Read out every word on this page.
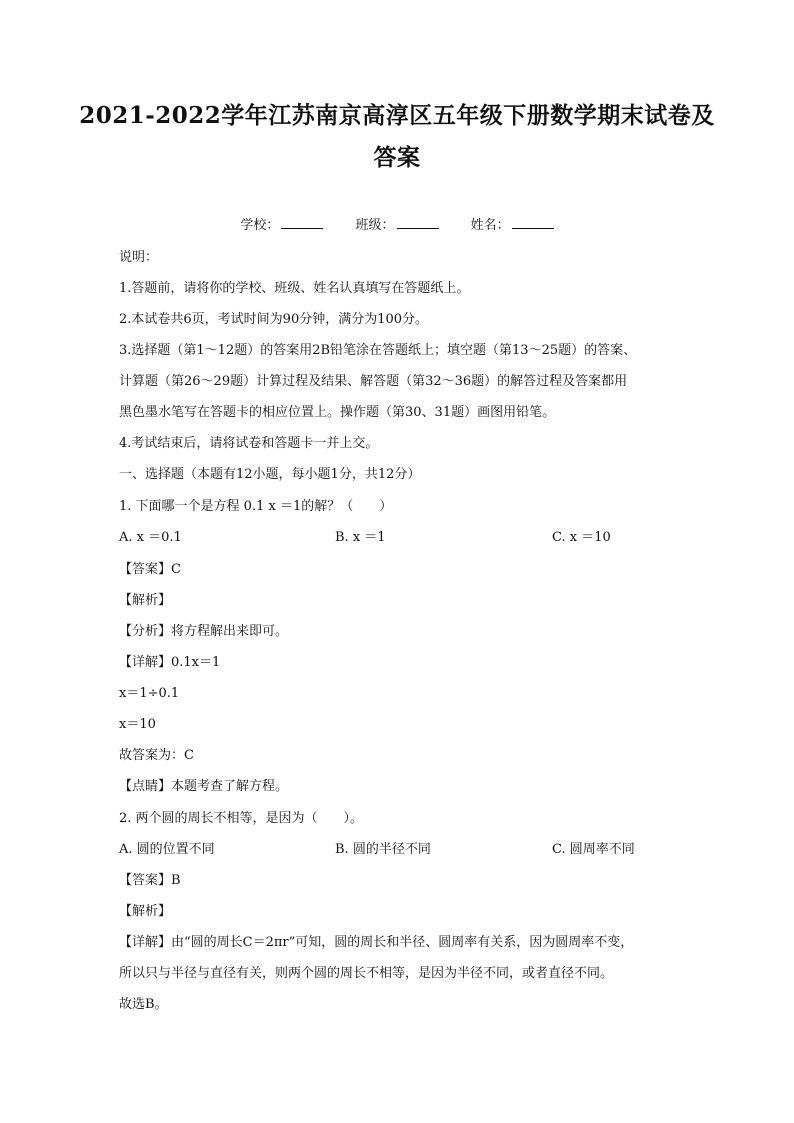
2021-2022学年江苏南京高淳区五年级下册数学期末试卷及
答案
学校：	班级：	姓名：
说明：
1.答题前，请将你的学校、班级、姓名认真填写在答题纸上。
2.本试卷共6页，考试时间为90分钟，满分为100分。
3.选择题（第1～12题）的答案用2B铅笔涂在答题纸上；填空题（第13～25题）的答案、
计算题（第26～29题）计算过程及结果、解答题（第32～36题）的解答过程及答案都用
黑色墨水笔写在答题卡的相应位置上。操作题（第30、31题）画图用铅笔。
4.考试结束后，请将试卷和答题卡一并上交。
一、选择题（本题有12小题，每小题1分，共12分）
1. 下面哪一个是方程 0.1 x ＝1的解？（　　）
A. x ＝0.1	B. x ＝1	C. x ＝10
【答案】C
【解析】
【分析】将方程解出来即可。
【详解】0.1x＝1
x＝1÷0.1
x＝10
故答案为：C
【点睛】本题考查了解方程。
2. 两个圆的周长不相等，是因为（　　）。
A. 圆的位置不同	B. 圆的半径不同	C. 圆周率不同
【答案】B
【解析】
【详解】由“圆的周长C＝2πr”可知，圆的周长和半径、圆周率有关系，因为圆周率不变，
所以只与半径与直径有关，则两个圆的周长不相等，是因为半径不同，或者直径不同。
故选B。
